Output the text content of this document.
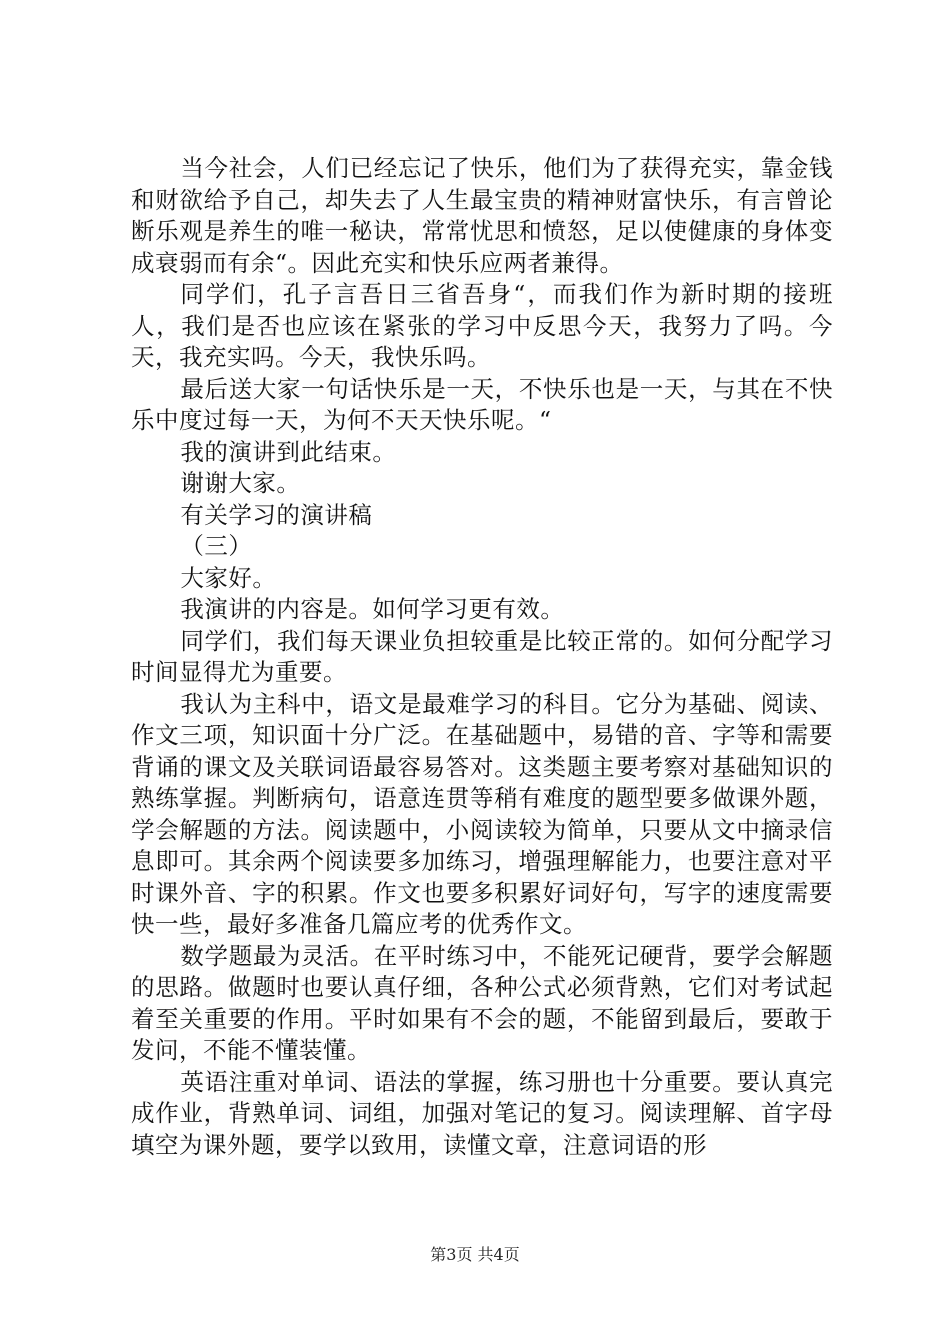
当今社会，人们已经忘记了快乐，他们为了获得充实，靠金钱和财欲给予自己，却失去了人生最宝贵的精神财富快乐，有言曾论断乐观是养生的唯一秘诀，常常忧思和愤怒，足以使健康的身体变成衰弱而有余“。因此充实和快乐应两者兼得。

同学们，孔子言吾日三省吾身“，而我们作为新时期的接班人，我们是否也应该在紧张的学习中反思今天，我努力了吗。今天，我充实吗。今天，我快乐吗。

最后送大家一句话快乐是一天，不快乐也是一天，与其在不快乐中度过每一天，为何不天天快乐呢。“

我的演讲到此结束。

谢谢大家。

有关学习的演讲稿

（三）

大家好。

我演讲的内容是。如何学习更有效。

同学们，我们每天课业负担较重是比较正常的。如何分配学习时间显得尤为重要。

我认为主科中，语文是最难学习的科目。它分为基础、阅读、作文三项，知识面十分广泛。在基础题中，易错的音、字等和需要背诵的课文及关联词语最容易答对。这类题主要考察对基础知识的熟练掌握。判断病句，语意连贯等稍有难度的题型要多做课外题，学会解题的方法。阅读题中，小阅读较为简单，只要从文中摘录信息即可。其余两个阅读要多加练习，增强理解能力，也要注意对平时课外音、字的积累。作文也要多积累好词好句，写字的速度需要快一些，最好多准备几篇应考的优秀作文。

数学题最为灵活。在平时练习中，不能死记硬背，要学会解题的思路。做题时也要认真仔细，各种公式必须背熟，它们对考试起着至关重要的作用。平时如果有不会的题，不能留到最后，要敢于发问，不能不懂装懂。

英语注重对单词、语法的掌握，练习册也十分重要。要认真完成作业，背熟单词、词组，加强对笔记的复习。阅读理解、首字母填空为课外题，要学以致用，读懂文章，注意词语的形

第3页 共4页
